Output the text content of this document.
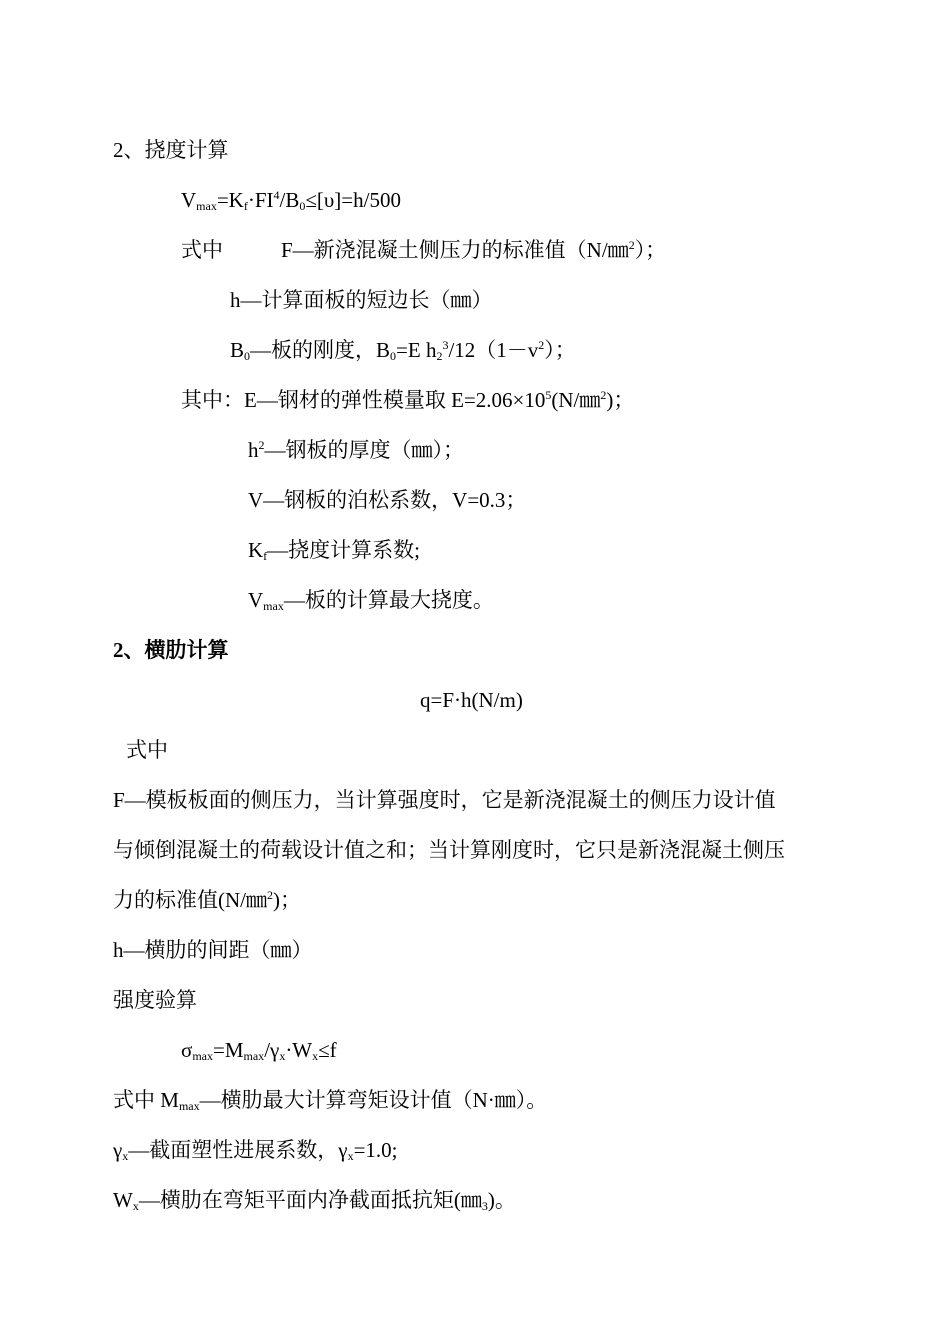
2、挠度计算
$V_{max}=K_f\cdot FI^4/B_0\le[\upsilon]=h/500$
式中	F—新浇混凝土侧压力的标准值（N/㎜$^2$）；
h—计算面板的短边长（㎜）
$B_0—$板的刚度，$B_0=E$ $h_2^3/12(1-v^2)$；
其中：E—钢材的弹性模量取 $E=2.06\times 10^5(N/㎜^2)$；
$h^2—$钢板的厚度（㎜）；
V—钢板的泊松系数，V=0.3；
$K_f—$挠度计算系数;
$V_{max}—$板的计算最大挠度。
2、横肋计算
q=F·h(N/m)
式中
F—模板板面的侧压力，当计算强度时，它是新浇混凝土的侧压力设计值
与倾倒混凝土的荷载设计值之和；当计算刚度时，它只是新浇混凝土侧压
力的标准值(N/㎜$^2$)；
h—横肋的间距（㎜）
强度验算
$\sigma_{max}=M_{max}/\gamma_x\cdot W_x\le f$
式中 $M_{max}—$横肋最大计算弯矩设计值（N·㎜）。
$\gamma_x—$截面塑性进展系数，$\gamma_x=1.0$;
$W_x—$横肋在弯矩平面内净截面抵抗矩$(㎜_3)$。
